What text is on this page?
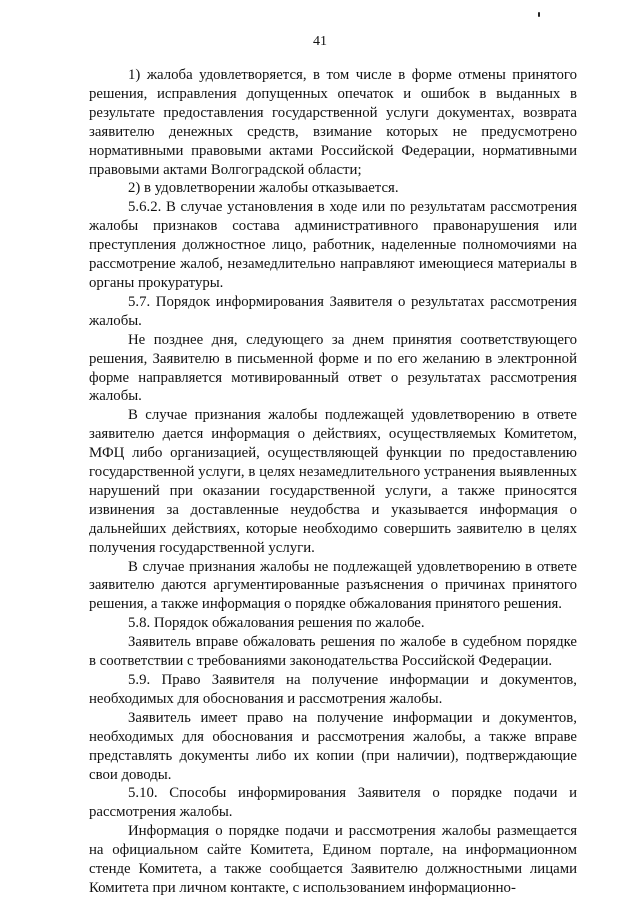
41

1) жалоба удовлетворяется, в том числе в форме отмены принятого решения, исправления допущенных опечаток и ошибок в выданных в результате предоставления государственной услуги документах, возврата заявителю денежных средств, взимание которых не предусмотрено нормативными правовыми актами Российской Федерации, нормативными правовыми актами Волгоградской области;

2) в удовлетворении жалобы отказывается.

5.6.2. В случае установления в ходе или по результатам рассмотрения жалобы признаков состава административного правонарушения или преступления должностное лицо, работник, наделенные полномочиями на рассмотрение жалоб, незамедлительно направляют имеющиеся материалы в органы прокуратуры.

5.7. Порядок информирования Заявителя о результатах рассмотрения жалобы.

Не позднее дня, следующего за днем принятия соответствующего решения, Заявителю в письменной форме и по его желанию в электронной форме направляется мотивированный ответ о результатах рассмотрения жалобы.

В случае признания жалобы подлежащей удовлетворению в ответе заявителю дается информация о действиях, осуществляемых Комитетом, МФЦ либо организацией, осуществляющей функции по предоставлению государственной услуги, в целях незамедлительного устранения выявленных нарушений при оказании государственной услуги, а также приносятся извинения за доставленные неудобства и указывается информация о дальнейших действиях, которые необходимо совершить заявителю в целях получения государственной услуги.

В случае признания жалобы не подлежащей удовлетворению в ответе заявителю даются аргументированные разъяснения о причинах принятого решения, а также информация о порядке обжалования принятого решения.

5.8. Порядок обжалования решения по жалобе.

Заявитель вправе обжаловать решения по жалобе в судебном порядке в соответствии с требованиями законодательства Российской Федерации.

5.9. Право Заявителя на получение информации и документов, необходимых для обоснования и рассмотрения жалобы.

Заявитель имеет право на получение информации и документов, необходимых для обоснования и рассмотрения жалобы, а также вправе представлять документы либо их копии (при наличии), подтверждающие свои доводы.

5.10. Способы информирования Заявителя о порядке подачи и рассмотрения жалобы.

Информация о порядке подачи и рассмотрения жалобы размещается на официальном сайте Комитета, Едином портале, на информационном стенде Комитета, а также сообщается Заявителю должностными лицами Комитета при личном контакте, с использованием информационно-
